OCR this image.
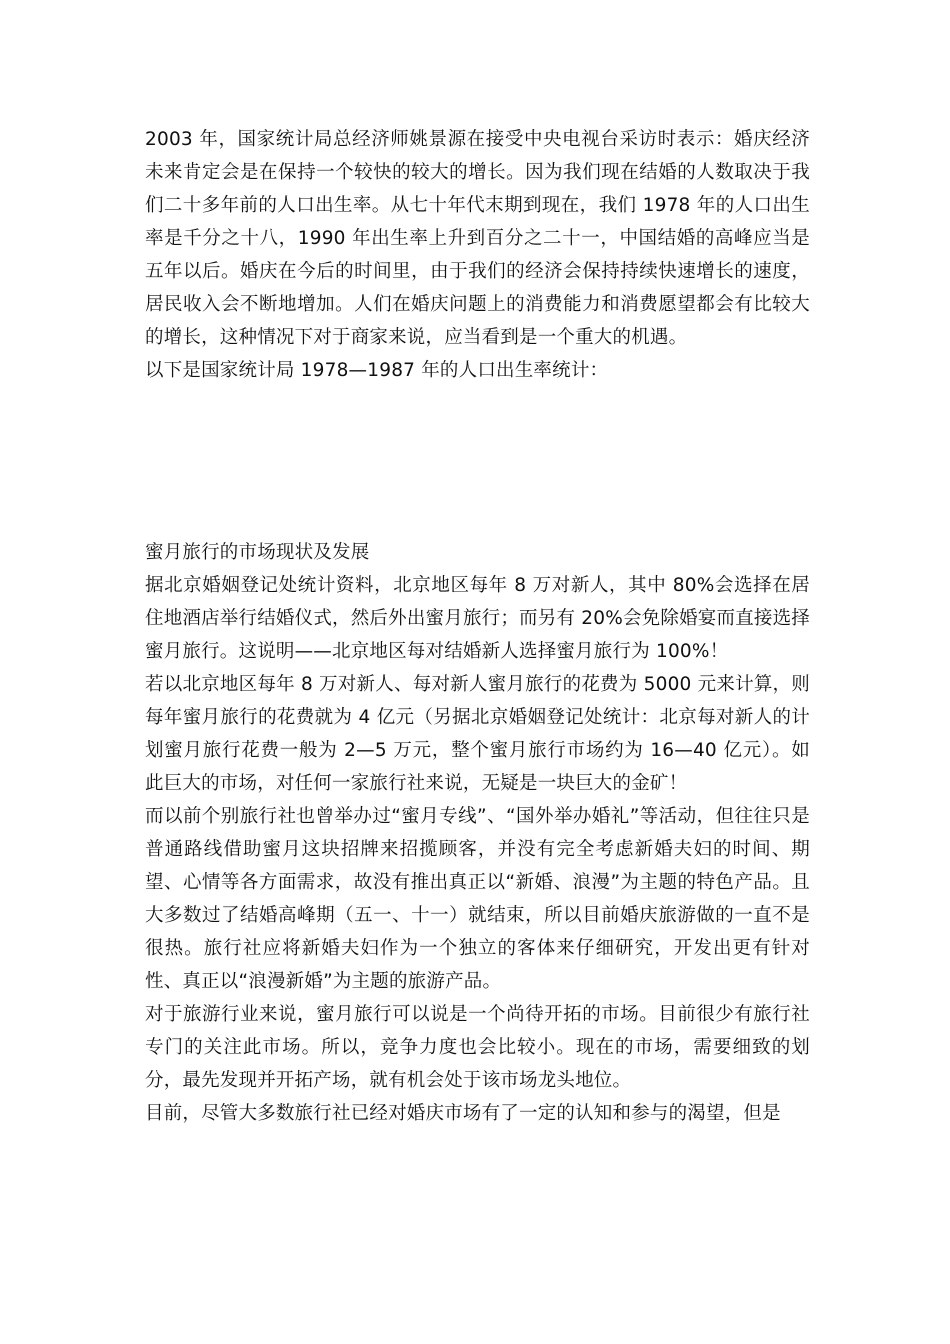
2003 年，国家统计局总经济师姚景源在接受中央电视台采访时表示：婚庆经济未来肯定会是在保持一个较快的较大的增长。因为我们现在结婚的人数取决于我们二十多年前的人口出生率。从七十年代末期到现在，我们 1978 年的人口出生率是千分之十八，1990 年出生率上升到百分之二十一，中国结婚的高峰应当是五年以后。婚庆在今后的时间里，由于我们的经济会保持持续快速增长的速度，居民收入会不断地增加。人们在婚庆问题上的消费能力和消费愿望都会有比较大的增长，这种情况下对于商家来说，应当看到是一个重大的机遇。

以下是国家统计局 1978—1987 年的人口出生率统计：

蜜月旅行的市场现状及发展

据北京婚姻登记处统计资料，北京地区每年 8 万对新人，其中 80%会选择在居住地酒店举行结婚仪式，然后外出蜜月旅行；而另有 20%会免除婚宴而直接选择蜜月旅行。这说明——北京地区每对结婚新人选择蜜月旅行为 100%！

若以北京地区每年 8 万对新人、每对新人蜜月旅行的花费为 5000 元来计算，则每年蜜月旅行的花费就为 4 亿元（另据北京婚姻登记处统计：北京每对新人的计划蜜月旅行花费一般为 2—5 万元，整个蜜月旅行市场约为 16—40 亿元）。如此巨大的市场，对任何一家旅行社来说，无疑是一块巨大的金矿！

而以前个别旅行社也曾举办过“蜜月专线”、“国外举办婚礼”等活动，但往往只是普通路线借助蜜月这块招牌来招揽顾客，并没有完全考虑新婚夫妇的时间、期望、心情等各方面需求，故没有推出真正以“新婚、浪漫”为主题的特色产品。且大多数过了结婚高峰期（五一、十一）就结束，所以目前婚庆旅游做的一直不是很热。旅行社应将新婚夫妇作为一个独立的客体来仔细研究，开发出更有针对性、真正以“浪漫新婚”为主题的旅游产品。

对于旅游行业来说，蜜月旅行可以说是一个尚待开拓的市场。目前很少有旅行社专门的关注此市场。所以，竞争力度也会比较小。现在的市场，需要细致的划分，最先发现并开拓产场，就有机会处于该市场龙头地位。

目前，尽管大多数旅行社已经对婚庆市场有了一定的认知和参与的渴望，但是
